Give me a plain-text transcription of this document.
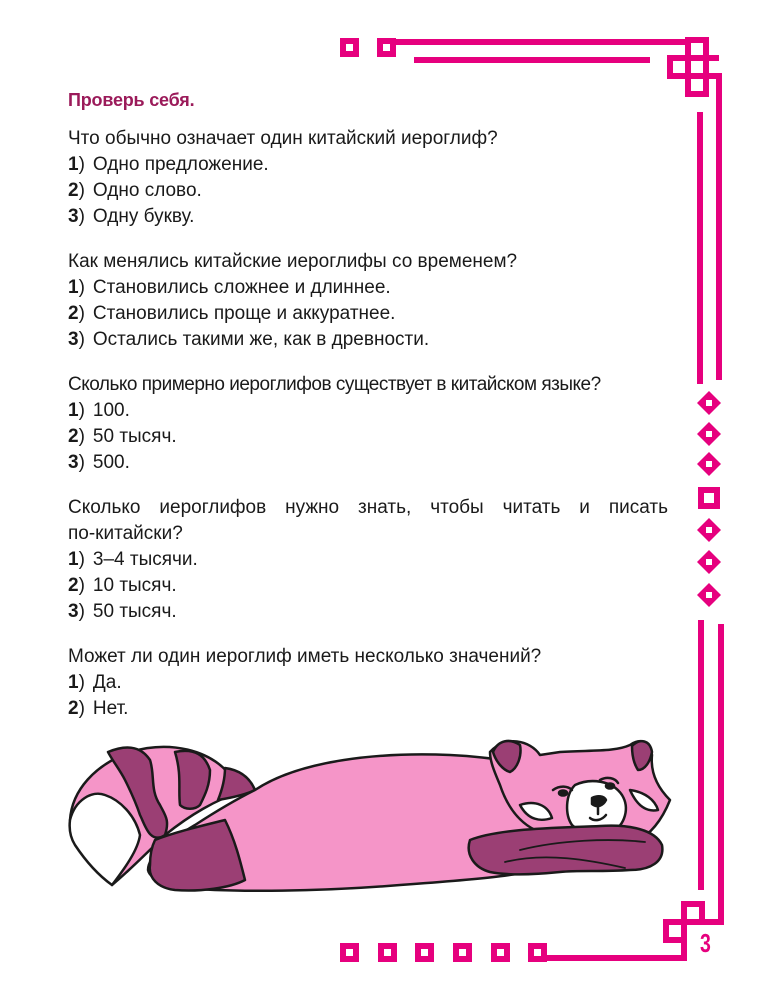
Проверь себя.
Что обычно означает один китайский иероглиф?
1) Одно предложение.
2) Одно слово.
3) Одну букву.
Как менялись китайские иероглифы со временем?
1) Становились сложнее и длиннее.
2) Становились проще и аккуратнее.
3) Остались такими же, как в древности.
Сколько примерно иероглифов существует в китайском языке?
1) 100.
2) 50 тысяч.
3) 500.
Сколько иероглифов нужно знать, чтобы читать и писать
по-китайски?
1) 3–4 тысячи.
2) 10 тысяч.
3) 50 тысяч.
Может ли один иероглиф иметь несколько значений?
1) Да.
2) Нет.
3
